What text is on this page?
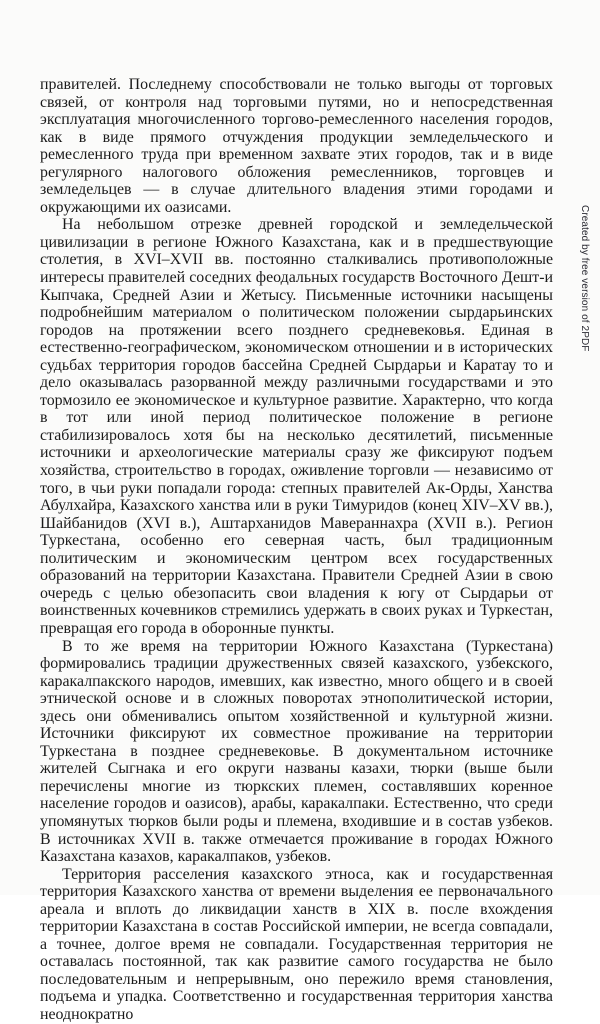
правителей. Последнему способствовали не только выгоды от торговых связей, от контроля над торговыми путями, но и непосредственная эксплуатация многочисленного торгово-ремесленного населения городов, как в виде прямого отчуждения продукции земледельческого и ремесленного труда при временном захвате этих городов, так и в виде регулярного налогового обложения ремесленников, торговцев и земледельцев — в случае длительного владения этими городами и окружающими их оазисами.

На небольшом отрезке древней городской и земледельческой цивилизации в регионе Южного Казахстана, как и в предшествующие столетия, в XVI–XVII вв. постоянно сталкивались противоположные интересы правителей соседних феодальных государств Восточного Дешт-и Кыпчака, Средней Азии и Жетысу. Письменные источники насыщены подробнейшим материалом о политическом положении сырдарьинских городов на протяжении всего позднего средневековья. Единая в естественно-географическом, экономическом отношении и в исторических судьбах территория городов бассейна Средней Сырдарьи и Каратау то и дело оказывалась разорванной между различными государствами и это тормозило ее экономическое и культурное развитие. Характерно, что когда в тот или иной период политическое положение в регионе стабилизировалось хотя бы на несколько десятилетий, письменные источники и археологические материалы сразу же фиксируют подъем хозяйства, строительство в городах, оживление торговли — независимо от того, в чьи руки попадали города: степных правителей Ак-Орды, Ханства Абулхайра, Казахского ханства или в руки Тимуридов (конец XIV–XV вв.), Шайбанидов (XVI в.), Аштарханидов Мавераннахра (XVII в.). Регион Туркестана, особенно его северная часть, был традиционным политическим и экономическим центром всех государственных образований на территории Казахстана. Правители Средней Азии в свою очередь с целью обезопасить свои владения к югу от Сырдарьи от воинственных кочевников стремились удержать в своих руках и Туркестан, превращая его города в оборонные пункты.

В то же время на территории Южного Казахстана (Туркестана) формировались традиции дружественных связей казахского, узбекского, каракалпакского народов, имевших, как известно, много общего и в своей этнической основе и в сложных поворотах этнополитической истории, здесь они обменивались опытом хозяйственной и культурной жизни. Источники фиксируют их совместное проживание на территории Туркестана в позднее средневековье. В документальном источнике жителей Сыгнака и его округи названы казахи, тюрки (выше были перечислены многие из тюркских племен, составлявших коренное население городов и оазисов), арабы, каракалпаки. Естественно, что среди упомянутых тюрков были роды и племена, входившие и в состав узбеков. В источниках XVII в. также отмечается проживание в городах Южного Казахстана казахов, каракалпаков, узбеков.

Территория расселения казахского этноса, как и государственная территория Казахского ханства от времени выделения ее первоначального ареала и вплоть до ликвидации ханств в XIX в. после вхождения территории Казахстана в состав Российской империи, не всегда совпадали, а точнее, долгое время не совпадали. Государственная территория не оставалась постоянной, так как развитие самого государства не было последовательным и непрерывным, оно пережило время становления, подъема и упадка. Соответственно и государственная территория ханства неоднократно

Created by free version of 2PDF
